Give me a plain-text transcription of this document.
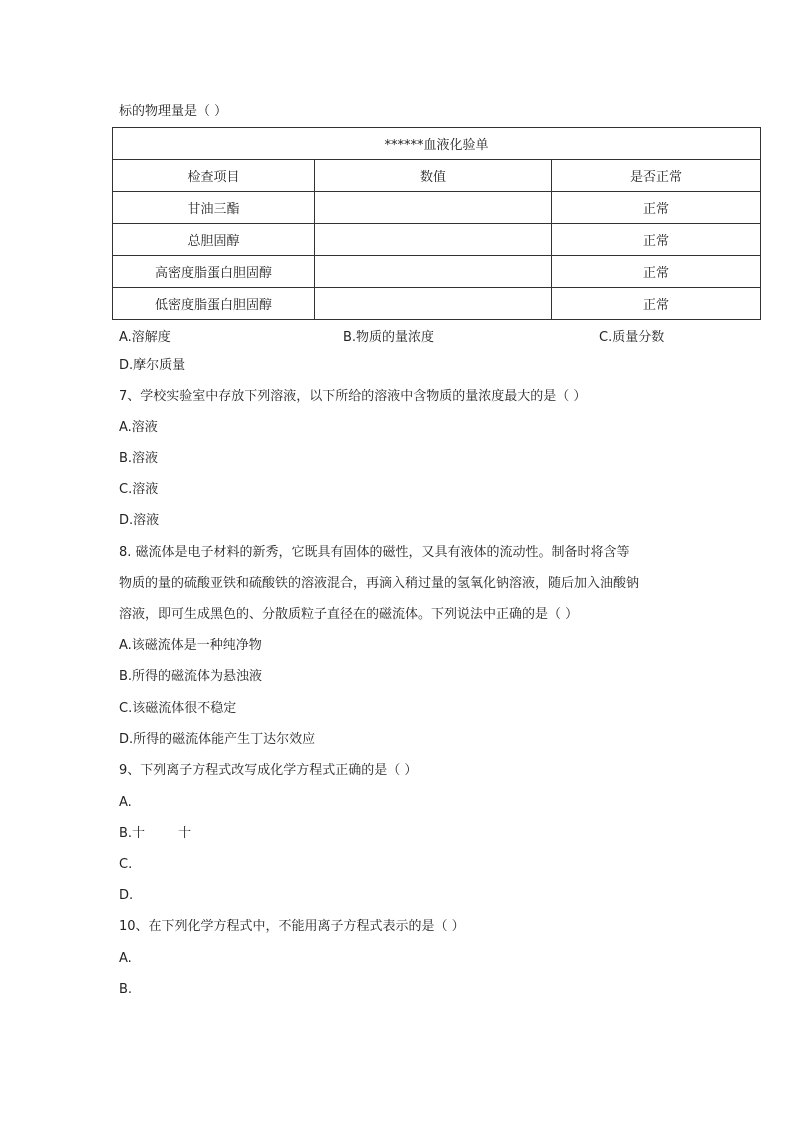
标的物理量是（ ）
******血液化验单		
检查项目	数值	是否正常
甘油三酯		正常
总胆固醇		正常
高密度脂蛋白胆固醇		正常
低密度脂蛋白胆固醇		正常
A.溶解度	B.物质的量浓度	C.质量分数
D.摩尔质量
7、学校实验室中存放下列溶液，以下所给的溶液中含物质的量浓度最大的是（ ）
A.溶液
B.溶液
C.溶液
D.溶液
8. 磁流体是电子材料的新秀，它既具有固体的磁性，又具有液体的流动性。制备时将含等
物质的量的硫酸亚铁和硫酸铁的溶液混合，再滴入稍过量的氢氧化钠溶液，随后加入油酸钠
溶液，即可生成黑色的、分散质粒子直径在的磁流体。下列说法中正确的是（ ）
A.该磁流体是一种纯净物
B.所得的磁流体为悬浊液
C.该磁流体很不稳定
D.所得的磁流体能产生丁达尔效应
9、下列离子方程式改写成化学方程式正确的是（ ）
A.
B.十        十
C.
D.
10、在下列化学方程式中，不能用离子方程式表示的是（ ）
A.
B.
